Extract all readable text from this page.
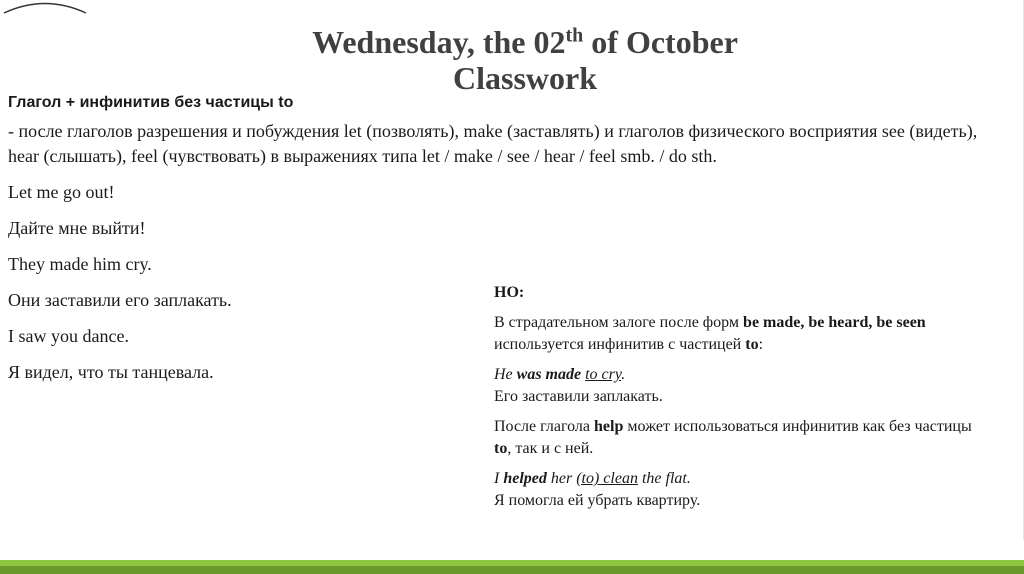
Wednesday, the 02th of October
Classwork

Глагол + инфинитив без частицы to

- после глаголов разрешения и побуждения let (позволять), make (заставлять) и глаголов физического восприятия see (видеть), hear (слышать), feel (чувствовать) в выражениях типа let / make / see / hear / feel smb. / do sth.

Let me go out!

Дайте мне выйти!

They made him cry.

Они заставили его заплакать.

I saw you dance.

Я видел, что ты танцевала.

НО:

В страдательном залоге после форм be made, be heard, be seen используется инфинитив с частицей to:

He was made to cry.
Его заставили заплакать.

После глагола help может использоваться инфинитив как без частицы to, так и с ней.

I helped her (to) clean the flat.
Я помогла ей убрать квартиру.
